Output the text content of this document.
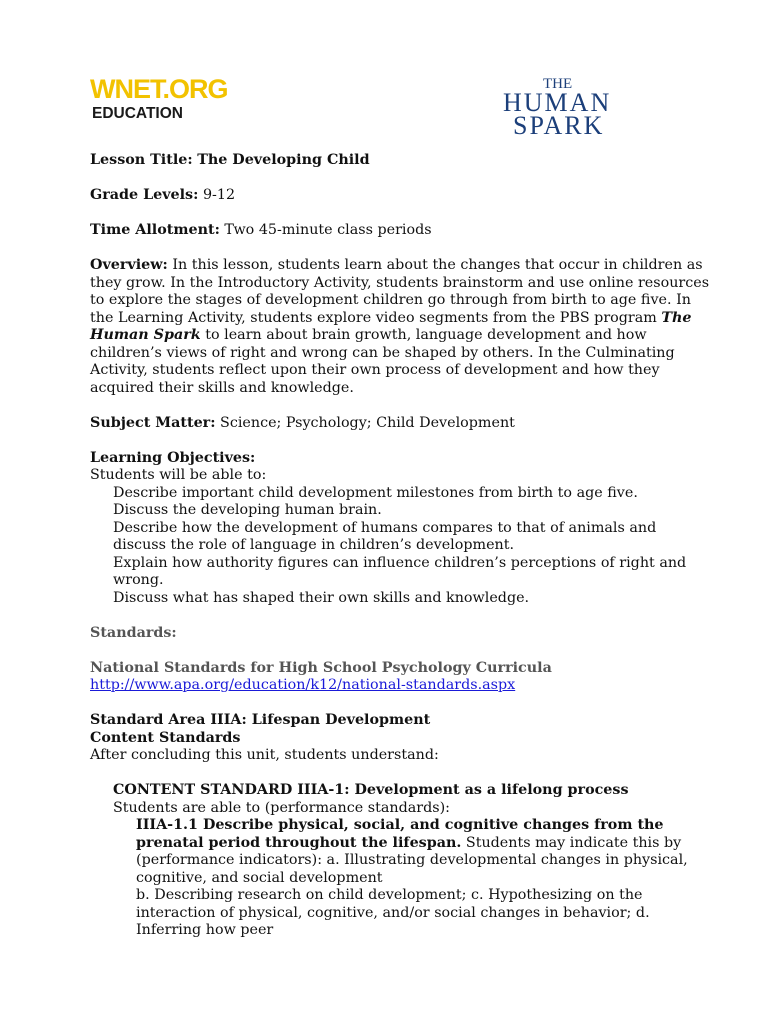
WNET.ORG
EDUCATION
THE
HUMAN
SPARK

Lesson Title: The Developing Child

Grade Levels: 9-12

Time Allotment: Two 45-minute class periods

Overview: In this lesson, students learn about the changes that occur in children as they grow. In the Introductory Activity, students brainstorm and use online resources to explore the stages of development children go through from birth to age five. In the Learning Activity, students explore video segments from the PBS program The Human Spark to learn about brain growth, language development and how children’s views of right and wrong can be shaped by others. In the Culminating Activity, students reflect upon their own process of development and how they acquired their skills and knowledge.

Subject Matter: Science; Psychology; Child Development

Learning Objectives:

Students will be able to:

Describe important child development milestones from birth to age five.
Discuss the developing human brain.
Describe how the development of humans compares to that of animals and discuss the role of language in children’s development.
Explain how authority figures can influence children’s perceptions of right and wrong.
Discuss what has shaped their own skills and knowledge.

Standards:

National Standards for High School Psychology Curricula

http://www.apa.org/education/k12/national-standards.aspx

Standard Area IIIA: Lifespan Development

Content Standards

After concluding this unit, students understand:

CONTENT STANDARD IIIA-1: Development as a lifelong process

Students are able to (performance standards):

IIIA-1.1 Describe physical, social, and cognitive changes from the prenatal period throughout the lifespan. Students may indicate this by (performance indicators): a. Illustrating developmental changes in physical, cognitive, and social development

b. Describing research on child development; c. Hypothesizing on the interaction of physical, cognitive, and/or social changes in behavior; d. Inferring how peer
